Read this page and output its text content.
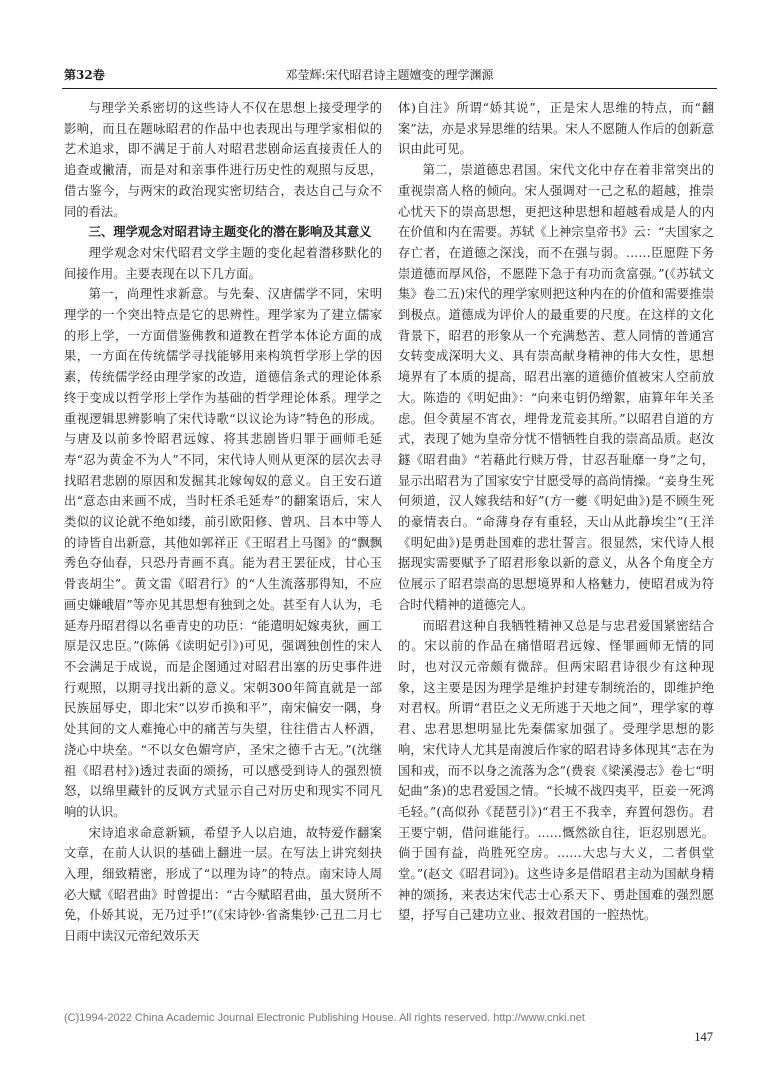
第32卷	邓莹辉:宋代昭君诗主题嬗变的理学渊源

与理学关系密切的这些诗人不仅在思想上接受理学的影响，而且在题咏昭君的作品中也表现出与理学家相似的艺术追求，即不满足于前人对昭君悲剧命运直接责任人的追查或撇清，而是对和亲事件进行历史性的观照与反思，借古鉴今，与两宋的政治现实密切结合，表达自己与众不同的看法。

三、理学观念对昭君诗主题变化的潜在影响及其意义

理学观念对宋代昭君文学主题的变化起着潜移默化的间接作用。主要表现在以下几方面。

第一，尚理性求新意。与先秦、汉唐儒学不同，宋明理学的一个突出特点是它的思辨性。理学家为了建立儒家的形上学，一方面借鉴佛教和道教在哲学本体论方面的成果，一方面在传统儒学寻找能够用来构筑哲学形上学的因素，传统儒学经由理学家的改造，道德信条式的理论体系终于变成以哲学形上学作为基础的哲学理论体系。理学之重视逻辑思辨影响了宋代诗歌“以议论为诗”特色的形成。与唐及以前多怜昭君远嫁、将其悲剧皆归罪于画师毛延寿“忍为黄金不为人”不同，宋代诗人则从更深的层次去寻找昭君悲剧的原因和发掘其北嫁匈奴的意义。自王安石道出“意态由来画不成，当时枉杀毛延寿”的翻案语后，宋人类似的议论就不绝如缕，前引欧阳修、曾巩、吕本中等人的诗皆自出新意，其他如郭祥正《王昭君上马图》的“飘飘秀色夺仙春，只恐丹青画不真。能为君王罢征戍，甘心玉骨丧胡尘”。黄文雷《昭君行》的“人生流落那得知，不应画史嫌峨眉”等亦见其思想有独到之处。甚至有人认为，毛延寿丹昭君得以名垂青史的功臣：“能遣明妃嫁夷狄，画工原是汉忠臣。”(陈偁《读明妃引》)可见，强调独创性的宋人不会满足于成说，而是企图通过对昭君出塞的历史事件进行观照，以期寻找出新的意义。宋朝300年简直就是一部民族屈辱史，即北宋“以岁币换和平”，南宋偏安一隅，身处其间的文人难掩心中的痛苦与失望，往往借古人杯酒，浇心中块垒。“不以女色媚穹庐，圣宋之德千古无。”(沈继祖《昭君村》)透过表面的颂扬，可以感受到诗人的强烈愤怒，以绵里藏针的反讽方式显示自己对历史和现实不同凡响的认识。

宋诗追求命意新颖，希望予人以启迪，故特爱作翻案文章，在前人认识的基础上翻进一层。在写法上讲究刻抉入理，细致精密，形成了“以理为诗”的特点。南宋诗人周必大赋《昭君曲》时曾提出：“古今赋昭君曲，虽大贤所不免，仆娇其说，无乃过乎!”(《宋诗钞·省斋集钞·己丑二月七日雨中读汉元帝纪效乐天

体)自注》所谓“娇其说”，正是宋人思维的特点，而“翻案”法，亦是求异思维的结果。宋人不愿随人作后的创新意识由此可见。

第二，崇道德忠君国。宋代文化中存在着非常突出的重视崇高人格的倾向。宋人强调对一己之私的超越，推崇心忧天下的崇高思想，更把这种思想和超越看成是人的内在价值和内在需要。苏轼《上神宗皇帝书》云：“夫国家之存亡者，在道德之深浅，而不在强与弱。……臣愿陛下务崇道德而厚风俗，不愿陛下急于有功而贪富强。”(《苏轼文集》卷二五)宋代的理学家则把这种内在的价值和需要推崇到极点。道德成为评价人的最重要的尺度。在这样的文化背景下，昭君的形象从一个充满愁苦、惹人同情的普通宫女转变成深明大义、具有崇高献身精神的伟大女性，思想境界有了本质的提高，昭君出塞的道德价值被宋人空前放大。陈造的《明妃曲》：“向来屯钥仍缯絮，庙算年年关圣虑。但令黄屋不宵衣，埋骨龙荒妾其所。”以昭君自道的方式，表现了她为皇帝分忧不惜牺牲自我的崇高品质。赵汝鐩《昭君曲》“若藉此行赎万骨，甘忍吾耻靡一身”之句，显示出昭君为了国家安宁甘愿受辱的高尚情操。“妾身生死何须道，汉人嫁我结和好”(方一夔《明妃曲》)是不顾生死的豪情表白。“命薄身存有重轻，天山从此静埃尘”(王洋《明妃曲》)是勇赴国难的悲壮誓言。很显然，宋代诗人根据现实需要赋予了昭君形象以新的意义，从各个角度全方位展示了昭君崇高的思想境界和人格魅力，使昭君成为符合时代精神的道德完人。

而昭君这种自我牺牲精神又总是与忠君爱国紧密结合的。宋以前的作品在痛惜昭君远嫁、怪罪画师无情的同时，也对汉元帝颇有微辞。但两宋昭君诗很少有这种现象，这主要是因为理学是维护封建专制统治的，即维护绝对君权。所谓“君臣之义无所逃于天地之间”，理学家的尊君、忠君思想明显比先秦儒家加强了。受理学思想的影响，宋代诗人尤其是南渡后作家的昭君诗多体现其“志在为国和戎，而不以身之流落为念”(费衮《梁溪漫志》卷七“明妃曲”条)的忠君爱国之情。“长城不战四夷平，臣妾一死鸿毛轻。”(高似孙《琵琶引》)“君王不我幸，弃置何怨伤。君王要宁朝，借问谁能行。……慨然欲自往，讵忍别恩光。倘于国有益，尚胜死空房。……大忠与大义，二者俱堂堂。”(赵文《昭君词》)。这些诗多是借昭君主动为国献身精神的颂扬，来表达宋代志士心系天下、勇赴国难的强烈愿望，抒写自己建功立业、报效君国的一腔热忱。

(C)1994-2022 China Academic Journal Electronic Publishing House. All rights reserved. http://www.cnki.net
147
